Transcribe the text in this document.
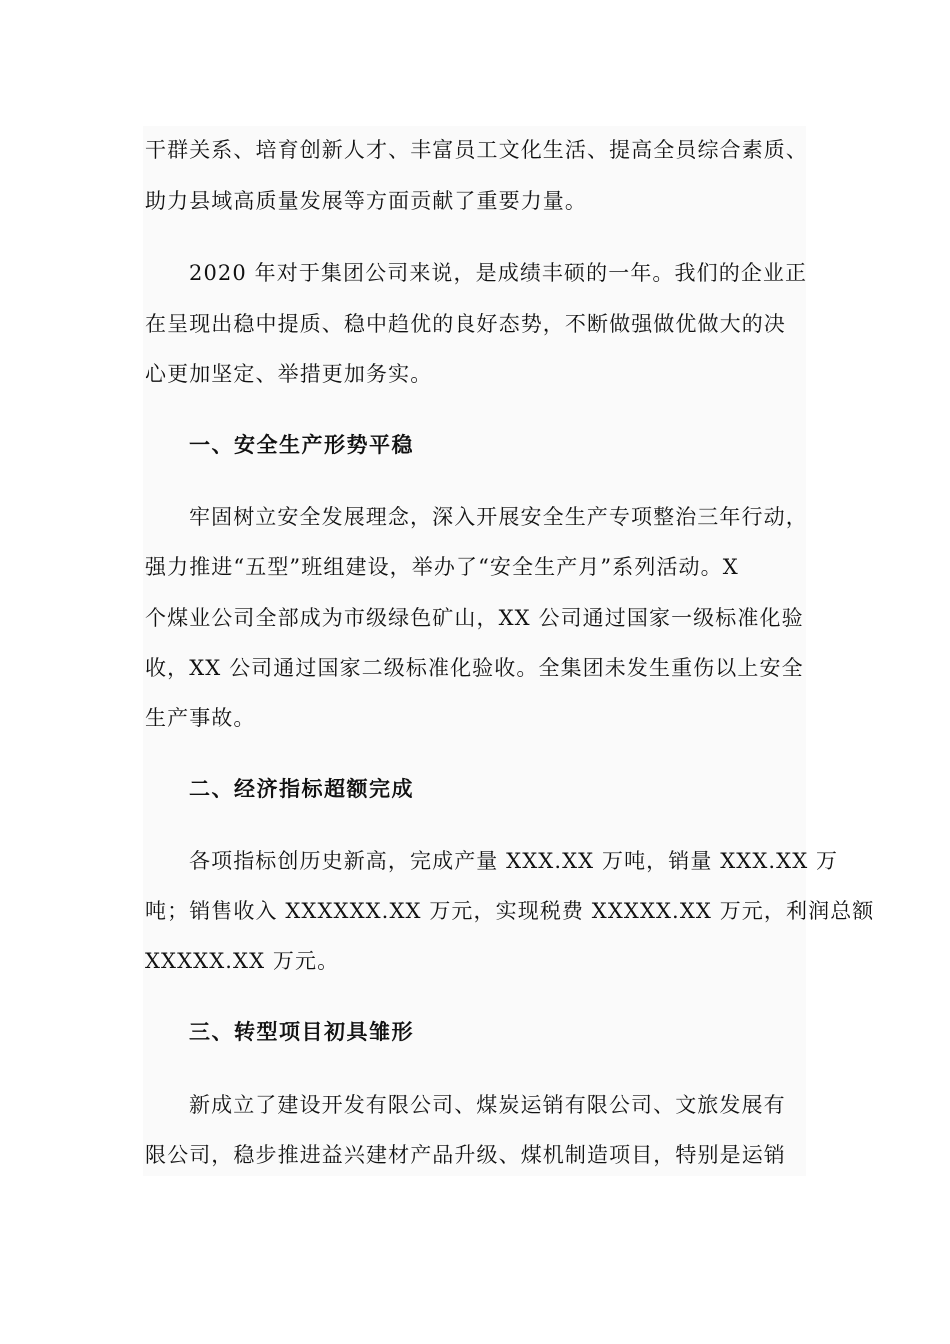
干群关系、培育创新人才、丰富员工文化生活、提高全员综合素质、
助力县域高质量发展等方面贡献了重要力量。
2020 年对于集团公司来说，是成绩丰硕的一年。我们的企业正
在呈现出稳中提质、稳中趋优的良好态势，不断做强做优做大的决
心更加坚定、举措更加务实。
一、安全生产形势平稳
牢固树立安全发展理念，深入开展安全生产专项整治三年行动，
强力推进“五型”班组建设，举办了“安全生产月”系列活动。X
个煤业公司全部成为市级绿色矿山，XX 公司通过国家一级标准化验
收，XX 公司通过国家二级标准化验收。全集团未发生重伤以上安全
生产事故。
二、经济指标超额完成
各项指标创历史新高，完成产量 XXX.XX 万吨，销量 XXX.XX 万
吨；销售收入 XXXXXX.XX 万元，实现税费 XXXXX.XX 万元，利润总额
XXXXX.XX 万元。
三、转型项目初具雏形
新成立了建设开发有限公司、煤炭运销有限公司、文旅发展有
限公司，稳步推进益兴建材产品升级、煤机制造项目，特别是运销
